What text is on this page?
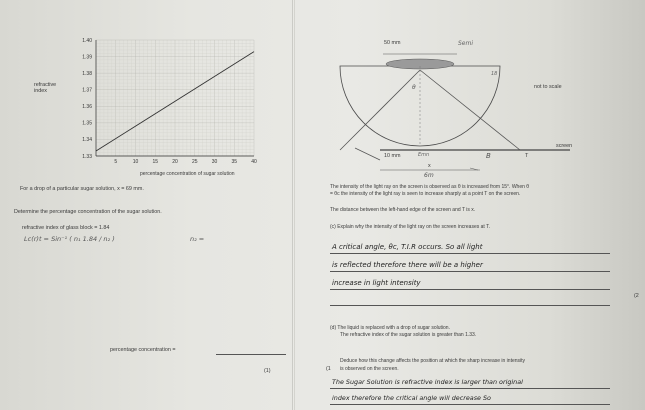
1.33
1.34
1.35
1.36
1.37
1.38
1.39
1.40
5	10	15	20	25	30	35	40
refractive index
percentage concentration of sugar solution
For a drop of a particular sugar solution, x = 69 mm.
Determine the percentage concentration of the sugar solution.
refractive index of glass block = 1.84
Lc(r)t = Sin⁻¹ ( n₁ 1.84 / n₂ )	n₂ =
percentage concentration =
(1)
50 mm	Semi
not to scale
18
θ
screen
10 mm	Emn	B	T
x
6m
The intensity of the light ray on the screen is observed as θ is increased from 15°. When θ
= θc the intensity of the light ray is seen to increase sharply at a point T on the screen.
The distance between the left-hand edge of the screen and T is x.
(c) Explain why the intensity of the light ray on the screen increases at T.
A critical angle, θc, T.I.R occurs. So all light
is reflected therefore there will be a higher
increase in light intensity
(2
(d) The liquid is replaced with a drop of sugar solution.
The refractive index of the sugar solution is greater than 1.33.
Deduce how this change affects the position at which the sharp increase in intensity
is observed on the screen.
(1
The Sugar Solution is refractive index is larger than original
index therefore the critical angle will decrease So
